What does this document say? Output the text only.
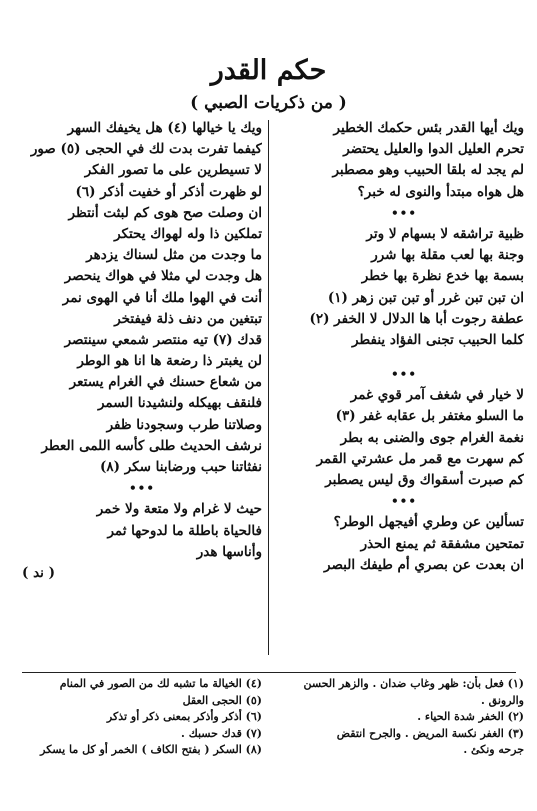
حكم القدر
( من ذكريات الصبي )
ويك أيها القدر بئس حكمك الخطير
تحرم العليل الدوا والعليل يحتضر
لم يجد له بلقا الحبيب وهو مصطبر
هل هواه مبتدأ والنوى له خبر؟
•••
ظبية تراشقه لا بسهام لا وتر
وجنة بها لعب مقلة بها شرر
بسمة بها خدع نظرة بها خطر
ان تبن تبن غرر أو تبن تبن زهر (١)
عطفة رجوت أبا ها الدلال لا الخفر (٢)
كلما الحبيب تجنى الفؤاد ينفطر
•••
لا خيار في شغف آمر قوي غمر
ما السلو مغتفر بل عقابه غفر (٣)
نغمة الغرام جوى والضنى به بطر
كم سهرت مع قمر مل عشرتي القمر
كم صبرت أسقواك وق ليس يصطبر
•••
تسألين عن وطري أفيجهل الوطر؟
تمتحين مشفقة ثم يمنع الحذر
ان بعدت عن بصري أم طيفك البصر
ويك يا خيالها (٤) هل يخيفك السهر
كيفما تفرت بدت لك في الحجى (٥) صور
لا تسيطرين على ما تصور الفكر
لو ظهرت أذكر أو خفيت أذكر (٦)
ان وصلت صح هوى كم لبثت أنتظر
تملكين ذا وله لهواك يحتكر
ما وجدت من مثل لسناك يزدهر
هل وجدت لي مثلا في هواك ينحصر
أنت في الهوا ملك أنا في الهوى نمر
تبتغين من دنف ذلة فيفتخر
قدك (٧) تيه منتصر شمعي سينتصر
لن يغبتر ذا رضعة ها انا هو الوطر
من شعاع حسنك في الغرام يستعر
فلنقف بهيكله ولنشيدنا السمر
وصلاتنا طرب وسجودنا ظفر
نرشف الحديث طلى كأسه اللمى العطر
نفثاتنا حبب ورضابنا سكر (٨)
•••
حيث لا غرام ولا متعة ولا خمر
فالحياة باطلة ما لدوحها ثمر
وأناسها هدر
( ند )
(١) فعل بأن: ظهر وغاب ضدان . والزهر الحسن
والرونق .
(٢) الخفر شدة الحياء .
(٣) الغفر نكسة المريض . والجرح انتقض
جرحه ونكئ .
(٤) الخيالة ما تشبه لك من الصور في المنام
(٥) الحجى العقل
(٦) أذكر وأذكر بمعنى ذكر أو تذكر
(٧) قدك حسبك .
(٨) السكر ( بفتح الكاف ) الخمر أو كل ما يسكر
